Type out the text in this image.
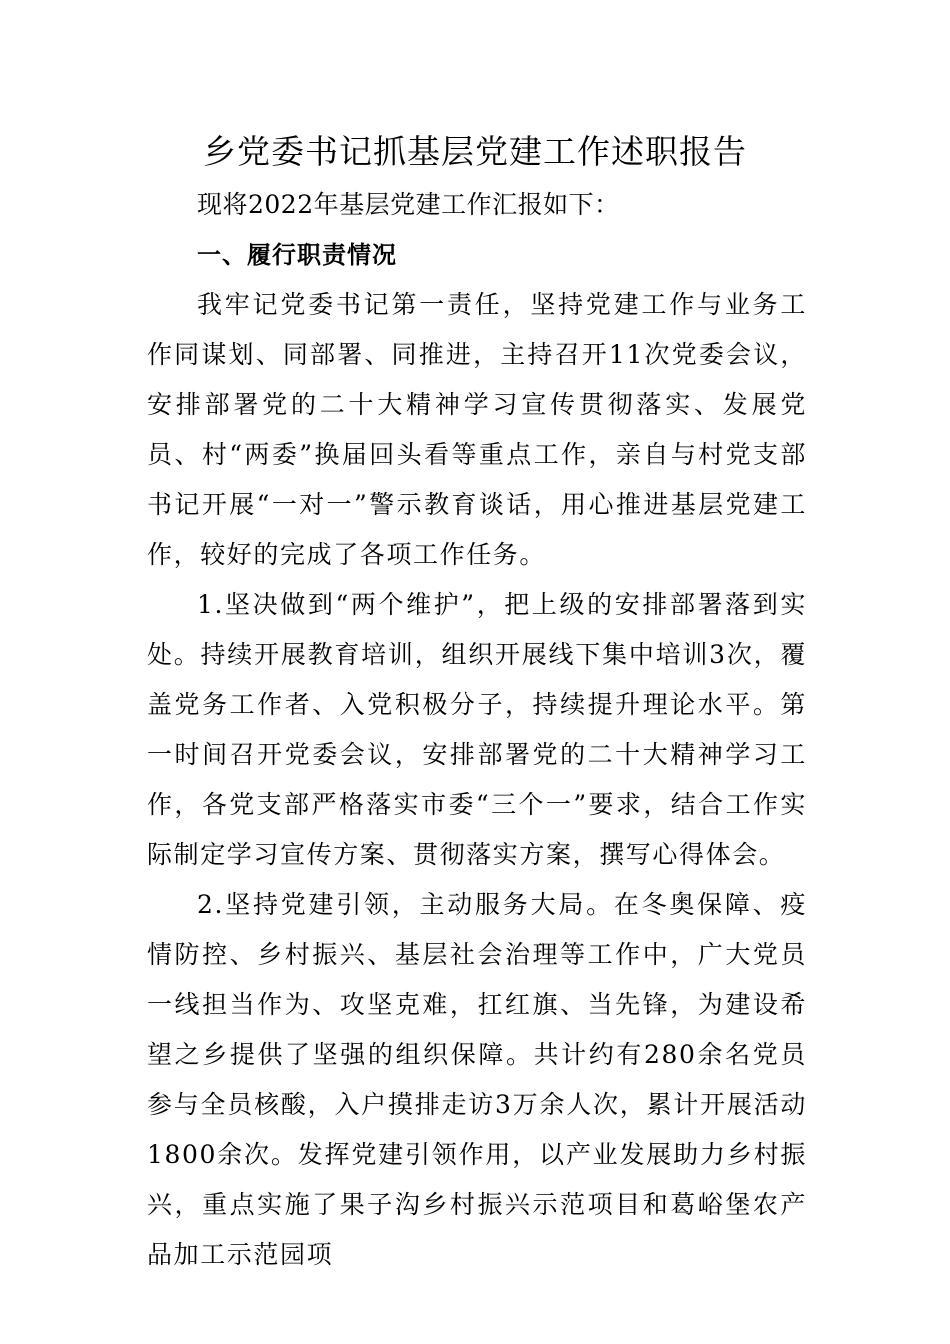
乡党委书记抓基层党建工作述职报告

现将2022年基层党建工作汇报如下：

一、履行职责情况

我牢记党委书记第一责任，坚持党建工作与业务工作同谋划、同部署、同推进，主持召开11次党委会议，安排部署党的二十大精神学习宣传贯彻落实、发展党员、村“两委”换届回头看等重点工作，亲自与村党支部书记开展“一对一”警示教育谈话，用心推进基层党建工作，较好的完成了各项工作任务。

1.坚决做到“两个维护”，把上级的安排部署落到实处。持续开展教育培训，组织开展线下集中培训3次，覆盖党务工作者、入党积极分子，持续提升理论水平。第一时间召开党委会议，安排部署党的二十大精神学习工作，各党支部严格落实市委“三个一”要求，结合工作实际制定学习宣传方案、贯彻落实方案，撰写心得体会。

2.坚持党建引领，主动服务大局。在冬奥保障、疫情防控、乡村振兴、基层社会治理等工作中，广大党员一线担当作为、攻坚克难，扛红旗、当先锋，为建设希望之乡提供了坚强的组织保障。共计约有280余名党员参与全员核酸，入户摸排走访3万余人次，累计开展活动1800余次。发挥党建引领作用，以产业发展助力乡村振兴，重点实施了果子沟乡村振兴示范项目和葛峪堡农产品加工示范园项
